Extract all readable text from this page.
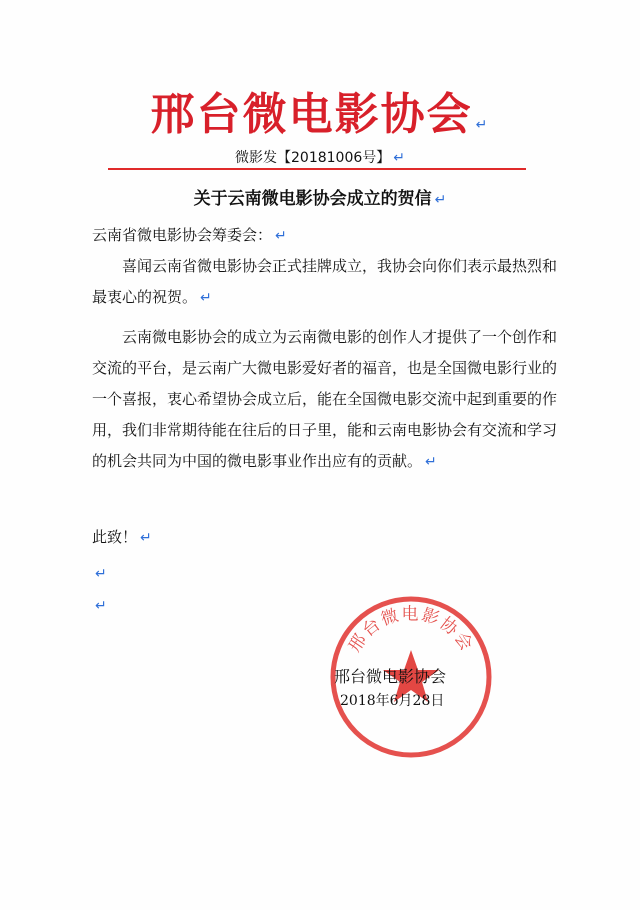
邢台微电影协会 ↵
微影发【20181006号】 ↵
关于云南微电影协会成立的贺信 ↵
云南省微电影协会筹委会： ↵
喜闻云南省微电影协会正式挂牌成立，我协会向你们表示最热烈和最衷心的祝贺。 ↵
云南微电影协会的成立为云南微电影的创作人才提供了一个创作和交流的平台，是云南广大微电影爱好者的福音，也是全国微电影行业的一个喜报，衷心希望协会成立后，能在全国微电影交流中起到重要的作用，我们非常期待能在往后的日子里，能和云南电影协会有交流和学习的机会共同为中国的微电影事业作出应有的贡献。 ↵
此致！ ↵
↵
↵
邢台微电影协会
邢台微电影协会
2018年6月28日
